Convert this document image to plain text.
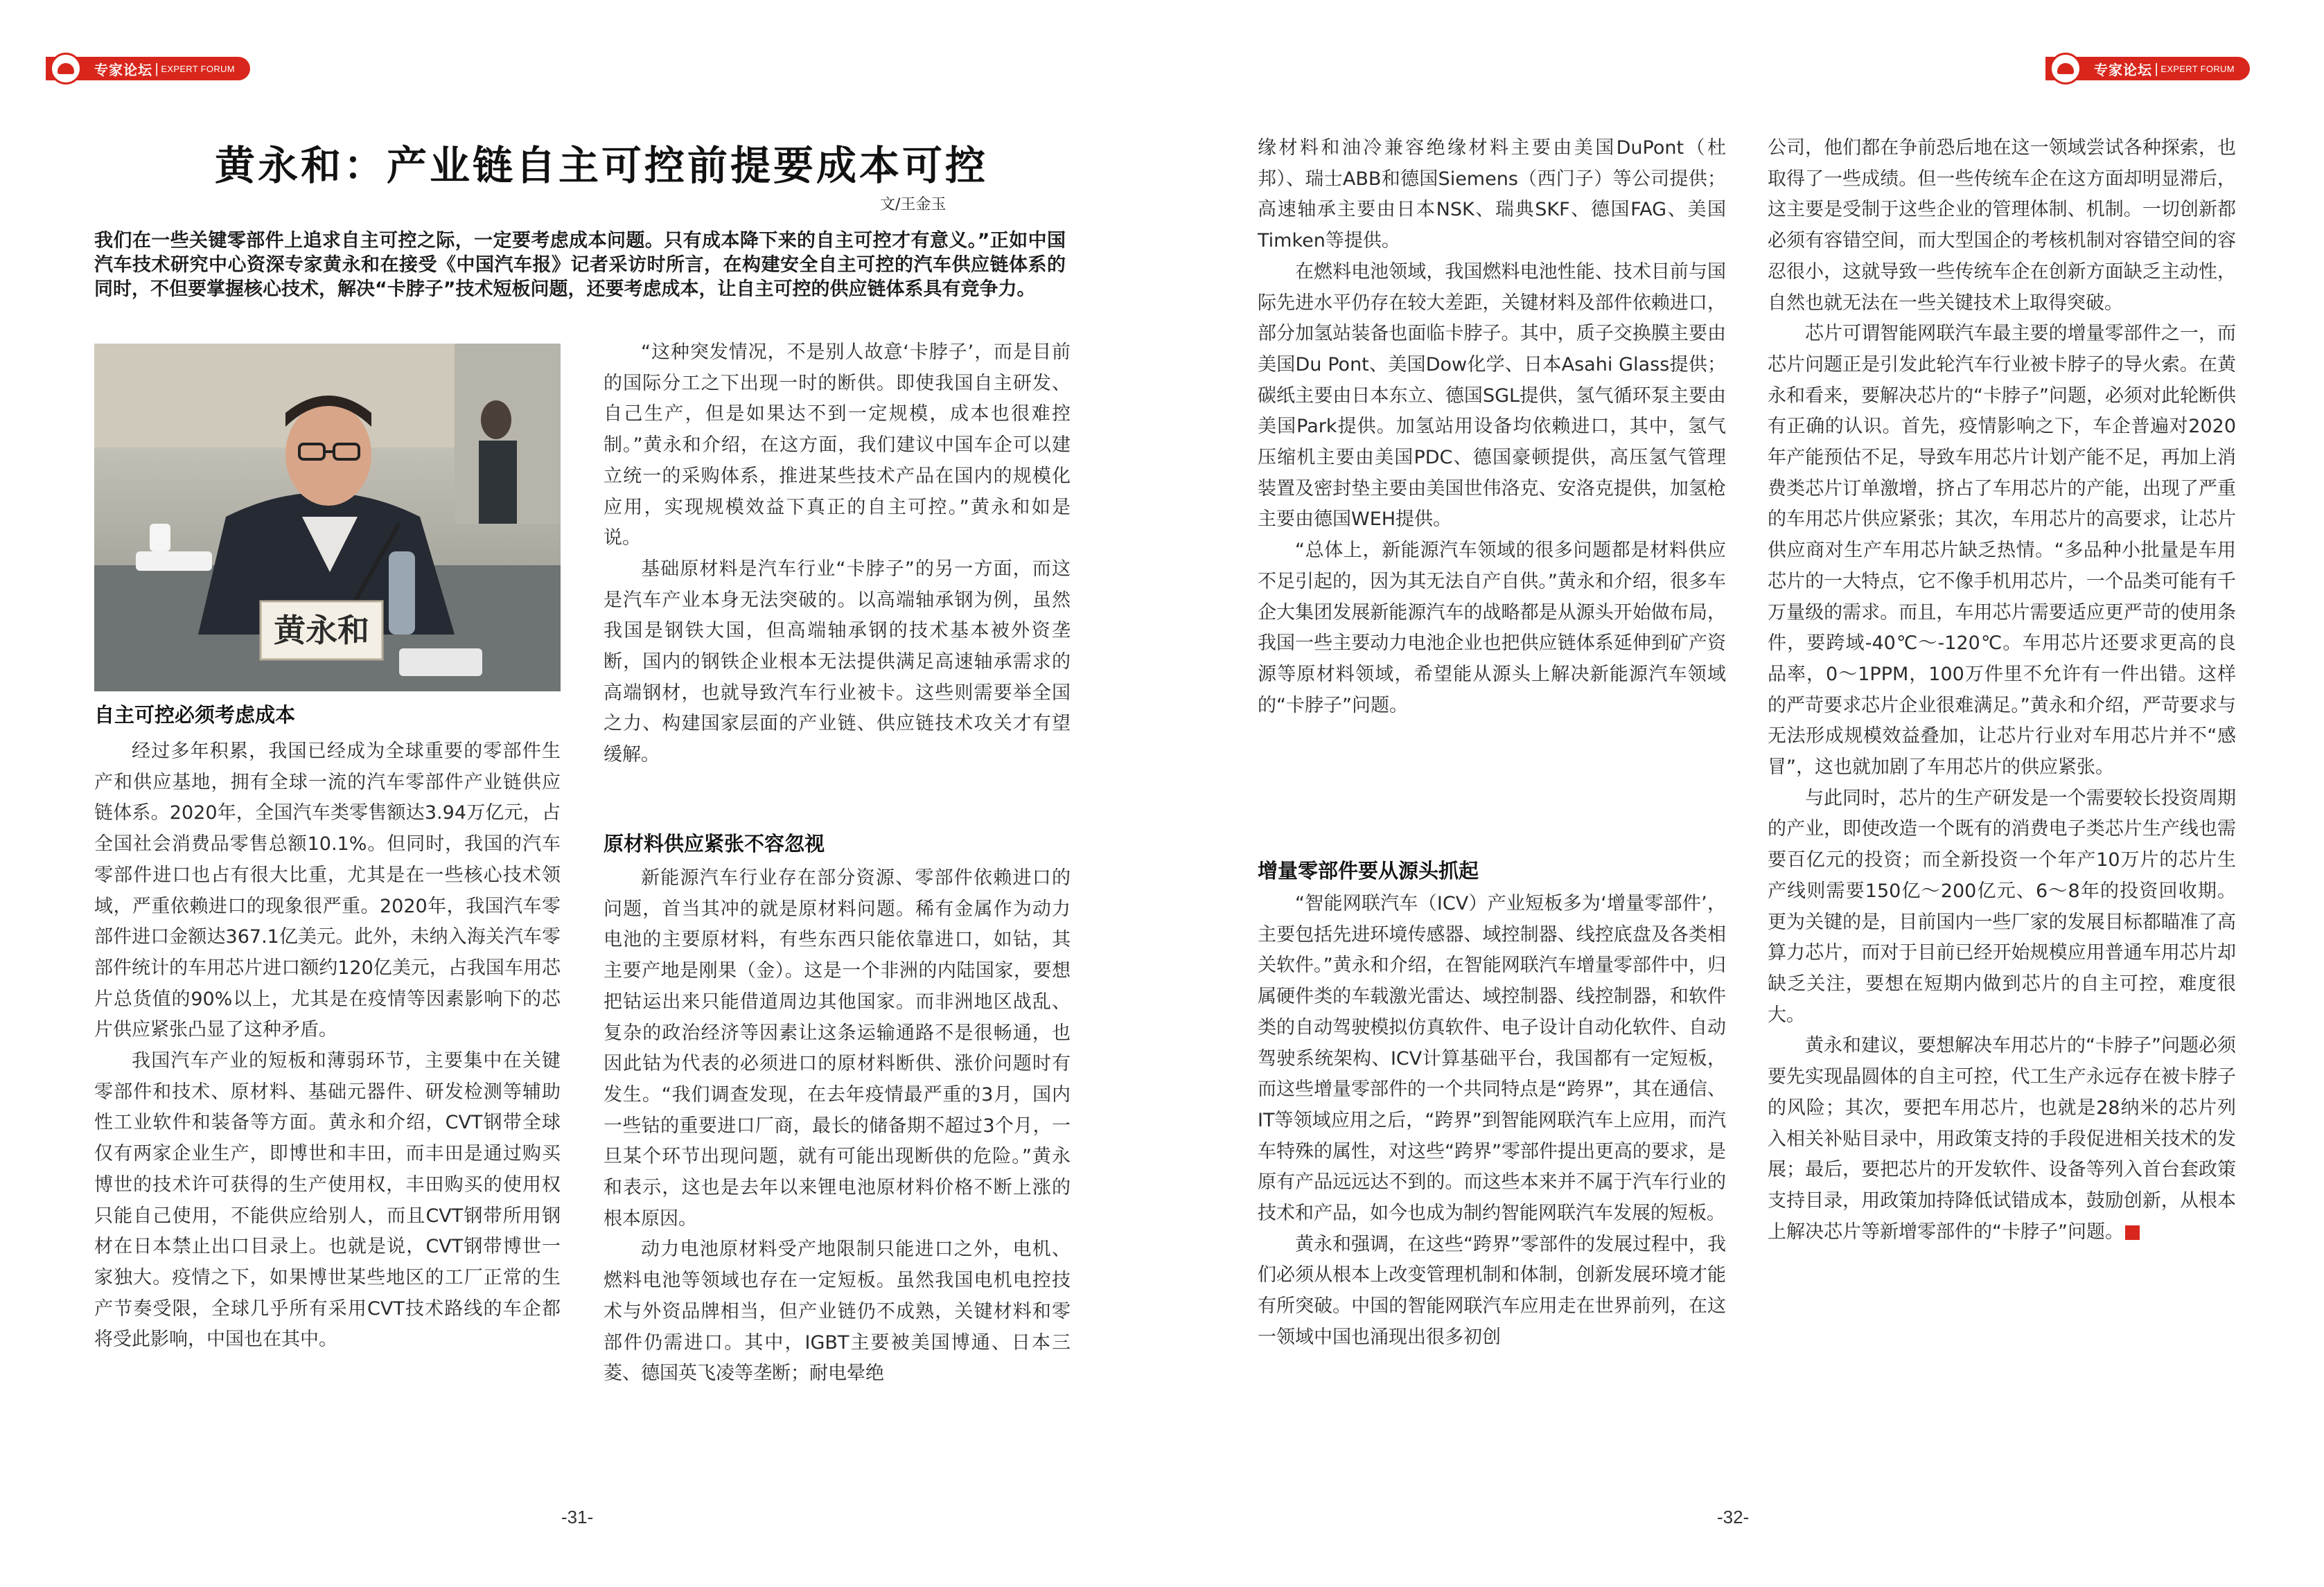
专家论坛 | EXPERT FORUM	专家论坛 | EXPERT FORUM
黄永和：产业链自主可控前提要成本可控
文/王金玉

我们在一些关键零部件上追求自主可控之际，一定要考虑成本问题。只有成本降下来的自主可控才有意义。”正如中国汽车技术研究中心资深专家黄永和在接受《中国汽车报》记者采访时所言，在构建安全自主可控的汽车供应链体系的同时，不但要掌握核心技术，解决“卡脖子”技术短板问题，还要考虑成本，让自主可控的供应链体系具有竞争力。

黄永和
自主可控必须考虑成本

经过多年积累，我国已经成为全球重要的零部件生产和供应基地，拥有全球一流的汽车零部件产业链供应链体系。2020年，全国汽车类零售额达3.94万亿元，占全国社会消费品零售总额10.1%。但同时，我国的汽车零部件进口也占有很大比重，尤其是在一些核心技术领域，严重依赖进口的现象很严重。2020年，我国汽车零部件进口金额达367.1亿美元。此外，未纳入海关汽车零部件统计的车用芯片进口额约120亿美元，占我国车用芯片总货值的90%以上，尤其是在疫情等因素影响下的芯片供应紧张凸显了这种矛盾。

我国汽车产业的短板和薄弱环节，主要集中在关键零部件和技术、原材料、基础元器件、研发检测等辅助性工业软件和装备等方面。黄永和介绍，CVT钢带全球仅有两家企业生产，即博世和丰田，而丰田是通过购买博世的技术许可获得的生产使用权，丰田购买的使用权只能自己使用，不能供应给别人，而且CVT钢带所用钢材在日本禁止出口目录上。也就是说，CVT钢带博世一家独大。疫情之下，如果博世某些地区的工厂正常的生产节奏受限，全球几乎所有采用CVT技术路线的车企都将受此影响，中国也在其中。

“这种突发情况，不是别人故意‘卡脖子’，而是目前的国际分工之下出现一时的断供。即使我国自主研发、自己生产，但是如果达不到一定规模，成本也很难控制。”黄永和介绍，在这方面，我们建议中国车企可以建立统一的采购体系，推进某些技术产品在国内的规模化应用，实现规模效益下真正的自主可控。”黄永和如是说。

基础原材料是汽车行业“卡脖子”的另一方面，而这是汽车产业本身无法突破的。以高端轴承钢为例，虽然我国是钢铁大国，但高端轴承钢的技术基本被外资垄断，国内的钢铁企业根本无法提供满足高速轴承需求的高端钢材，也就导致汽车行业被卡。这些则需要举全国之力、构建国家层面的产业链、供应链技术攻关才有望缓解。

原材料供应紧张不容忽视

新能源汽车行业存在部分资源、零部件依赖进口的问题，首当其冲的就是原材料问题。稀有金属作为动力电池的主要原材料，有些东西只能依靠进口，如钴，其主要产地是刚果（金）。这是一个非洲的内陆国家，要想把钴运出来只能借道周边其他国家。而非洲地区战乱、复杂的政治经济等因素让这条运输通路不是很畅通，也因此钴为代表的必须进口的原材料断供、涨价问题时有发生。“我们调查发现，在去年疫情最严重的3月，国内一些钴的重要进口厂商，最长的储备期不超过3个月，一旦某个环节出现问题，就有可能出现断供的危险。”黄永和表示，这也是去年以来锂电池原材料价格不断上涨的根本原因。

动力电池原材料受产地限制只能进口之外，电机、燃料电池等领域也存在一定短板。虽然我国电机电控技术与外资品牌相当，但产业链仍不成熟，关键材料和零部件仍需进口。其中，IGBT主要被美国博通、日本三菱、德国英飞凌等垄断；耐电晕绝

缘材料和油冷兼容绝缘材料主要由美国DuPont（杜邦）、瑞士ABB和德国Siemens（西门子）等公司提供；高速轴承主要由日本NSK、瑞典SKF、德国FAG、美国Timken等提供。

在燃料电池领域，我国燃料电池性能、技术目前与国际先进水平仍存在较大差距，关键材料及部件依赖进口，部分加氢站装备也面临卡脖子。其中，质子交换膜主要由美国Du Pont、美国Dow化学、日本Asahi Glass提供；碳纸主要由日本东立、德国SGL提供，氢气循环泵主要由美国Park提供。加氢站用设备均依赖进口，其中，氢气压缩机主要由美国PDC、德国豪顿提供，高压氢气管理装置及密封垫主要由美国世伟洛克、安洛克提供，加氢枪主要由德国WEH提供。

“总体上，新能源汽车领域的很多问题都是材料供应不足引起的，因为其无法自产自供。”黄永和介绍，很多车企大集团发展新能源汽车的战略都是从源头开始做布局，我国一些主要动力电池企业也把供应链体系延伸到矿产资源等原材料领域，希望能从源头上解决新能源汽车领域的“卡脖子”问题。

增量零部件要从源头抓起

“智能网联汽车（ICV）产业短板多为‘增量零部件’，主要包括先进环境传感器、域控制器、线控底盘及各类相关软件。”黄永和介绍，在智能网联汽车增量零部件中，归属硬件类的车载激光雷达、域控制器、线控制器，和软件类的自动驾驶模拟仿真软件、电子设计自动化软件、自动驾驶系统架构、ICV计算基础平台，我国都有一定短板，而这些增量零部件的一个共同特点是“跨界”，其在通信、IT等领域应用之后，“跨界”到智能网联汽车上应用，而汽车特殊的属性，对这些“跨界”零部件提出更高的要求，是原有产品远远达不到的。而这些本来并不属于汽车行业的技术和产品，如今也成为制约智能网联汽车发展的短板。

黄永和强调，在这些“跨界”零部件的发展过程中，我们必须从根本上改变管理机制和体制，创新发展环境才能有所突破。中国的智能网联汽车应用走在世界前列，在这一领域中国也涌现出很多初创

公司，他们都在争前恐后地在这一领域尝试各种探索，也取得了一些成绩。但一些传统车企在这方面却明显滞后，这主要是受制于这些企业的管理体制、机制。一切创新都必须有容错空间，而大型国企的考核机制对容错空间的容忍很小，这就导致一些传统车企在创新方面缺乏主动性，自然也就无法在一些关键技术上取得突破。

芯片可谓智能网联汽车最主要的增量零部件之一，而芯片问题正是引发此轮汽车行业被卡脖子的导火索。在黄永和看来，要解决芯片的“卡脖子”问题，必须对此轮断供有正确的认识。首先，疫情影响之下，车企普遍对2020年产能预估不足，导致车用芯片计划产能不足，再加上消费类芯片订单激增，挤占了车用芯片的产能，出现了严重的车用芯片供应紧张；其次，车用芯片的高要求，让芯片供应商对生产车用芯片缺乏热情。“多品种小批量是车用芯片的一大特点，它不像手机用芯片，一个品类可能有千万量级的需求。而且，车用芯片需要适应更严苛的使用条件，要跨域-40℃～-120℃。车用芯片还要求更高的良品率，0～1PPM，100万件里不允许有一件出错。这样的严苛要求芯片企业很难满足。”黄永和介绍，严苛要求与无法形成规模效益叠加，让芯片行业对车用芯片并不“感冒”，这也就加剧了车用芯片的供应紧张。

与此同时，芯片的生产研发是一个需要较长投资周期的产业，即使改造一个既有的消费电子类芯片生产线也需要百亿元的投资；而全新投资一个年产10万片的芯片生产线则需要150亿～200亿元、6～8年的投资回收期。更为关键的是，目前国内一些厂家的发展目标都瞄准了高算力芯片，而对于目前已经开始规模应用普通车用芯片却缺乏关注，要想在短期内做到芯片的自主可控，难度很大。

黄永和建议，要想解决车用芯片的“卡脖子”问题必须要先实现晶圆体的自主可控，代工生产永远存在被卡脖子的风险；其次，要把车用芯片，也就是28纳米的芯片列入相关补贴目录中，用政策支持的手段促进相关技术的发展；最后，要把芯片的开发软件、设备等列入首台套政策支持目录，用政策加持降低试错成本，鼓励创新，从根本上解决芯片等新增零部件的“卡脖子”问题。	A

-31-	-32-
